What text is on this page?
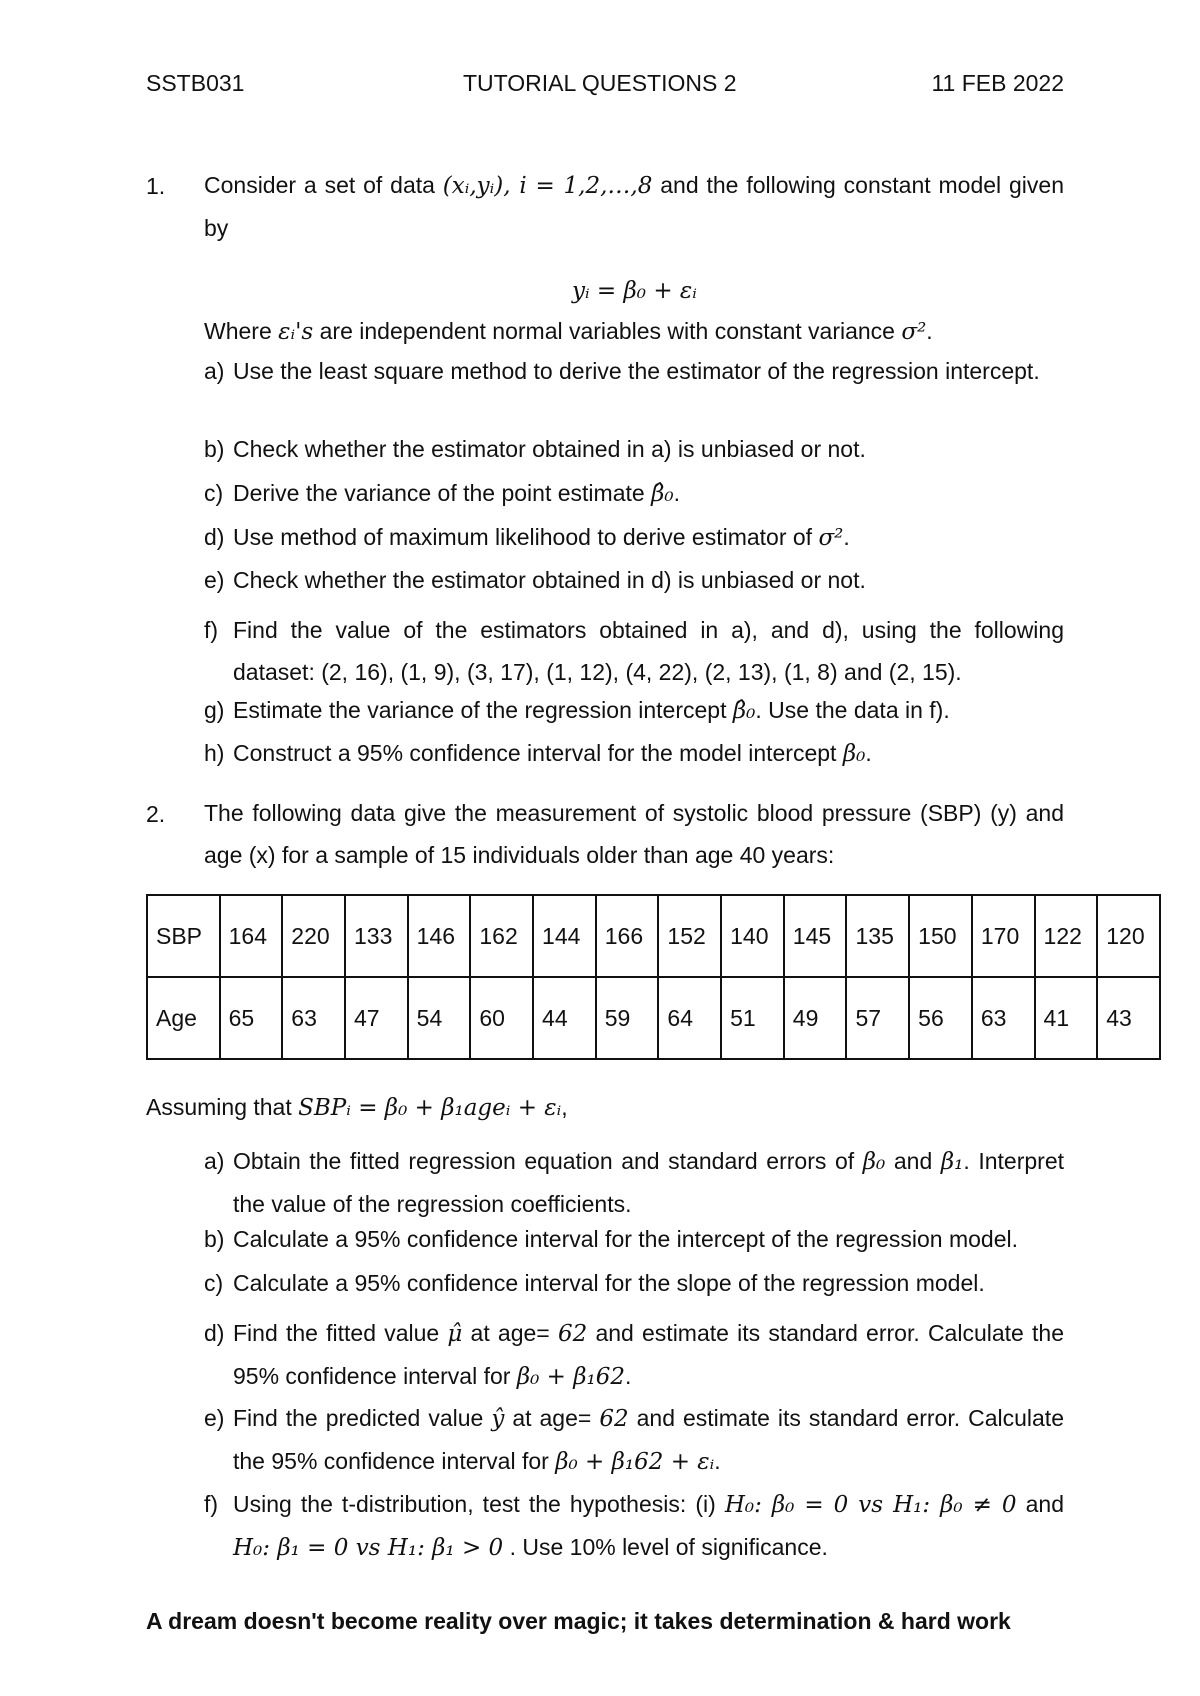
SSTB031	TUTORIAL QUESTIONS 2	11 FEB 2022
1. Consider a set of data (xᵢ,yᵢ), i = 1,2,…,8 and the following constant model given by
yᵢ = β₀ + εᵢ
Where εᵢ's are independent normal variables with constant variance σ².
a) Use the least square method to derive the estimator of the regression intercept.
b) Check whether the estimator obtained in a) is unbiased or not.
c) Derive the variance of the point estimate β̂₀.
d) Use method of maximum likelihood to derive estimator of σ².
e) Check whether the estimator obtained in d) is unbiased or not.
f) Find the value of the estimators obtained in a), and d), using the following dataset: (2, 16), (1, 9), (3, 17), (1, 12), (4, 22), (2, 13), (1, 8) and (2, 15).
g) Estimate the variance of the regression intercept β̂₀. Use the data in f).
h) Construct a 95% confidence interval for the model intercept β₀.
2. The following data give the measurement of systolic blood pressure (SBP) (y) and age (x) for a sample of 15 individuals older than age 40 years:
SBP	164	220	133	146	162	144	166	152	140	145	135	150	170	122	120
Age	65	63	47	54	60	44	59	64	51	49	57	56	63	41	43
Assuming that SBPᵢ = β₀ + β₁ageᵢ + εᵢ,
a) Obtain the fitted regression equation and standard errors of β₀ and β₁. Interpret the value of the regression coefficients.
b) Calculate a 95% confidence interval for the intercept of the regression model.
c) Calculate a 95% confidence interval for the slope of the regression model.
d) Find the fitted value μ̂ at age= 62 and estimate its standard error. Calculate the 95% confidence interval for β₀ + β₁62.
e) Find the predicted value ŷ at age= 62 and estimate its standard error. Calculate the 95% confidence interval for β₀ + β₁62 + εᵢ.
f) Using the t-distribution, test the hypothesis: (i) H₀: β₀ = 0 vs H₁: β₀ ≠ 0 and H₀: β₁ = 0 vs H₁: β₁ > 0 . Use 10% level of significance.
A dream doesn't become reality over magic; it takes determination & hard work
